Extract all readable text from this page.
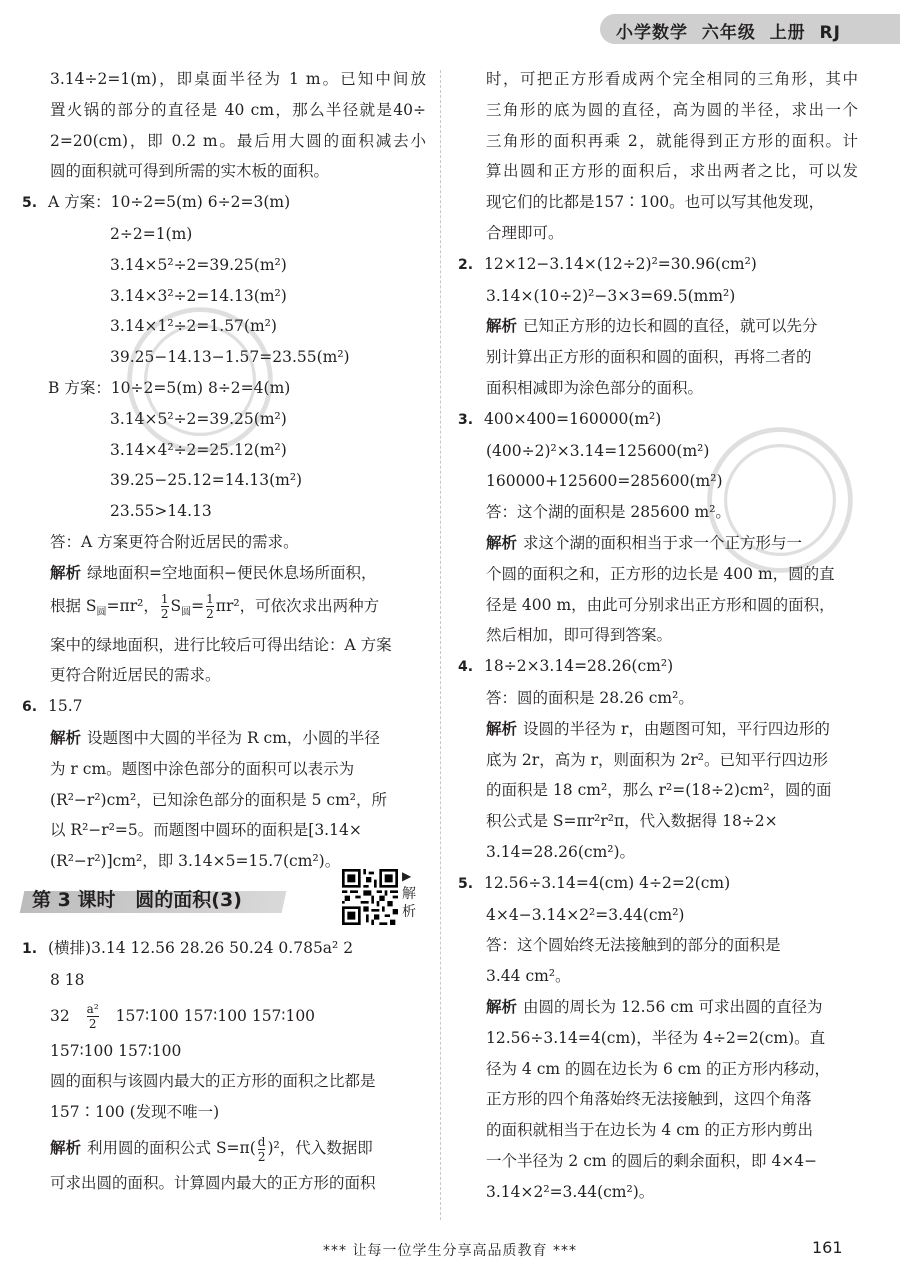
小学数学 六年级 上册 RJ
3.14÷2=1(m)，即桌面半径为 1 m。已知中间放
置火锅的部分的直径是 40 cm，那么半径就是40÷
2=20(cm)，即 0.2 m。最后用大圆的面积减去小
圆的面积就可得到所需的实木板的面积。
5. A 方案：10÷2=5(m) 6÷2=3(m)
2÷2=1(m)
3.14×5²÷2=39.25(m²)
3.14×3²÷2=14.13(m²)
3.14×1²÷2=1.57(m²)
39.25−14.13−1.57=23.55(m²)
B 方案：10÷2=5(m) 8÷2=4(m)
3.14×5²÷2=39.25(m²)
3.14×4²÷2=25.12(m²)
39.25−25.12=14.13(m²)
23.55>14.13
答：A 方案更符合附近居民的需求。
解析 绿地面积=空地面积−便民休息场所面积，
根据 $S_圆=\pi r^2$， $\frac{1}{2} S_圆= \frac{1}{2} \pi r^2$，可依次求出两种方
案中的绿地面积，进行比较后可得出结论：A 方案
更符合附近居民的需求。
6. 15.7
解析 设题图中大圆的半径为 R cm，小圆的半径
为 r cm。题图中涂色部分的面积可以表示为
(R²−r²)cm²，已知涂色部分的面积是 5 cm²，所
以 R²−r²=5。而题图中圆环的面积是[3.14×
(R²−r²)]cm²，即 3.14×5=15.7(cm²)。
第 3 课时   圆的面积(3)
▶解析
1. (横排)3.14 12.56 28.26 50.24 0.785a² 2
8 18
$32 \frac{\text{a²}}{2}$ 157∶100 157∶100 157∶100
157∶100 157∶100
圆的面积与该圆内最大的正方形的面积之比都是
157∶100 (发现不唯一)
解析 利用圆的面积公式 $S=\pi( \frac{d}{2} )^2$，代入数据即
可求出圆的面积。计算圆内最大的正方形的面积
时，可把正方形看成两个完全相同的三角形，其中
三角形的底为圆的直径，高为圆的半径，求出一个
三角形的面积再乘 2，就能得到正方形的面积。计
算出圆和正方形的面积后，求出两者之比，可以发
现它们的比都是157∶100。也可以写其他发现，
合理即可。
2. 12×12−3.14×(12÷2)²=30.96(cm²)
3.14×(10÷2)²−3×3=69.5(mm²)
解析 已知正方形的边长和圆的直径，就可以先分
别计算出正方形的面积和圆的面积，再将二者的
面积相减即为涂色部分的面积。
3. 400×400=160000(m²)
(400÷2)²×3.14=125600(m²)
160000+125600=285600(m²)
答：这个湖的面积是 285600 m²。
解析 求这个湖的面积相当于求一个正方形与一
个圆的面积之和，正方形的边长是 400 m，圆的直
径是 400 m，由此可分别求出正方形和圆的面积，
然后相加，即可得到答案。
4. 18÷2×3.14=28.26(cm²)
答：圆的面积是 28.26 cm²。
解析 设圆的半径为 r，由题图可知，平行四边形的
底为 2r，高为 r，则面积为 2r²。已知平行四边形
的面积是 18 cm²，那么 r²=(18÷2)cm²，圆的面
积公式是 S=πr²r²π，代入数据得 18÷2×
3.14=28.26(cm²)。
5. 12.56÷3.14=4(cm) 4÷2=2(cm)
4×4−3.14×2²=3.44(cm²)
答：这个圆始终无法接触到的部分的面积是
3.44 cm²。
解析 由圆的周长为 12.56 cm 可求出圆的直径为
12.56÷3.14=4(cm)，半径为 4÷2=2(cm)。直
径为 4 cm 的圆在边长为 6 cm 的正方形内移动，
正方形的四个角落始终无法接触到，这四个角落
的面积就相当于在边长为 4 cm 的正方形内剪出
一个半径为 2 cm 的圆后的剩余面积，即 4×4−
3.14×2²=3.44(cm²)。
*** 让每一位学生分享高品质教育 ***	161
